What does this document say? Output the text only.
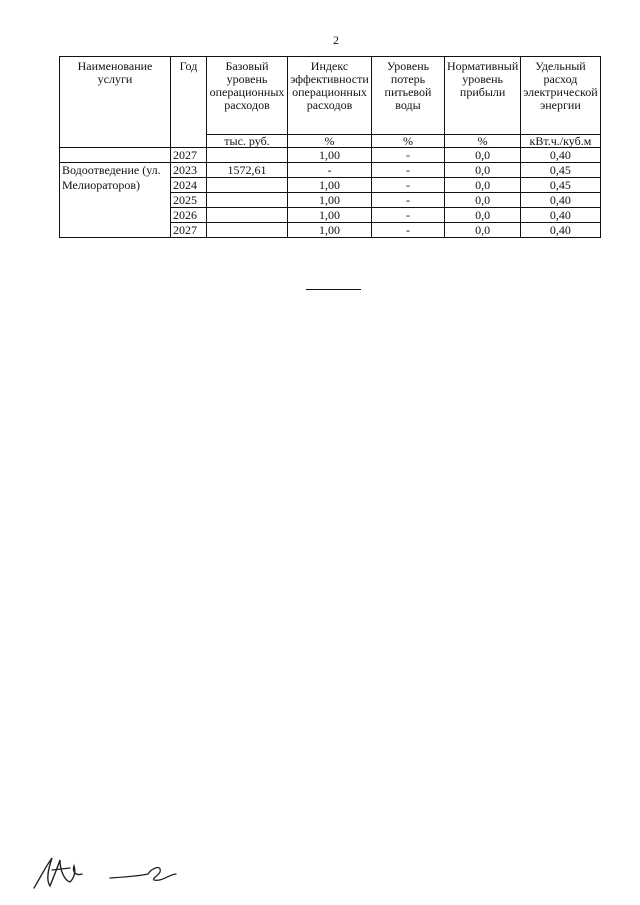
2
Наименование услуги	Год	Базовый уровень операционных расходов	Индекс эффективности операционных расходов	Уровень потерь питьевой воды	Нормативный уровень прибыли	Удельный расход электрической энергии
		тыс. руб.	%	%	%	кВт.ч./куб.м
	2027		1,00	-	0,0	0,40
Водоотведение (ул. Мелиораторов)	2023	1572,61	-	-	0,0	0,45
	2024		1,00	-	0,0	0,45
	2025		1,00	-	0,0	0,40
	2026		1,00	-	0,0	0,40
	2027		1,00	-	0,0	0,40
